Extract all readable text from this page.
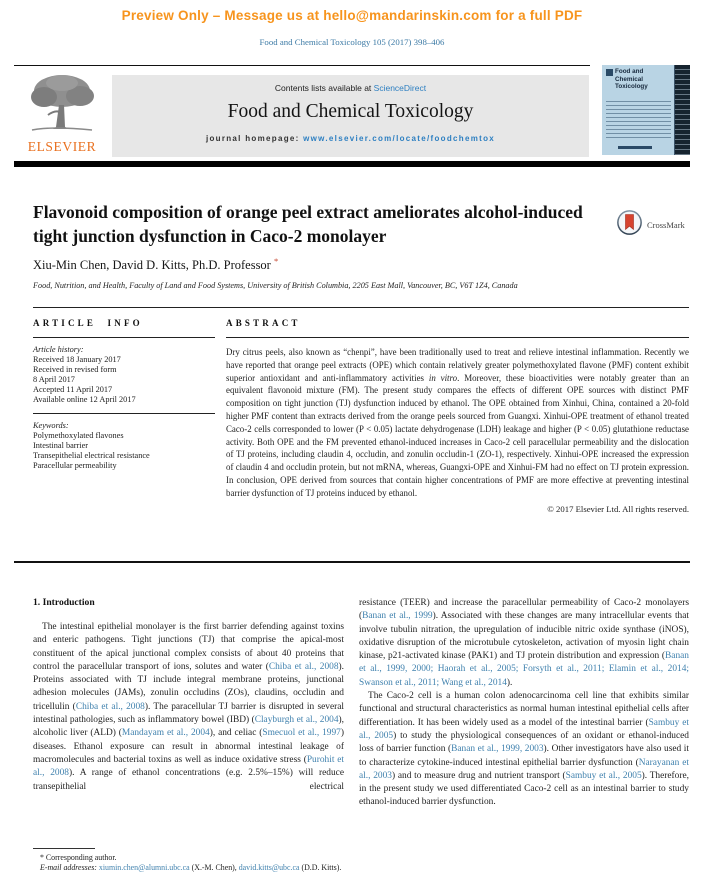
Preview Only – Message us at hello@mandarinskin.com for a full PDF
Food and Chemical Toxicology 105 (2017) 398–406
ELSEVIER
Contents lists available at ScienceDirect
Food and Chemical Toxicology
journal homepage: www.elsevier.com/locate/foodchemtox
Food and Chemical Toxicology
Flavonoid composition of orange peel extract ameliorates alcohol-induced tight junction dysfunction in Caco-2 monolayer
CrossMark
Xiu-Min Chen, David D. Kitts, Ph.D. Professor *
Food, Nutrition, and Health, Faculty of Land and Food Systems, University of British Columbia, 2205 East Mall, Vancouver, BC, V6T 1Z4, Canada
ARTICLE INFO
Article history:
Received 18 January 2017
Received in revised form
8 April 2017
Accepted 11 April 2017
Available online 12 April 2017
Keywords:
Polymethoxylated flavones
Intestinal barrier
Transepithelial electrical resistance
Paracellular permeability
ABSTRACT

Dry citrus peels, also known as “chenpi”, have been traditionally used to treat and relieve intestinal inflammation. Recently we have reported that orange peel extracts (OPE) which contain relatively greater polymethoxylated flavone (PMF) content exhibit superior antioxidant and anti-inflammatory activities in vitro. Moreover, these bioactivities were notably greater than an equivalent flavonoid mixture (FM). The present study compares the effects of different OPE sources with distinct PMF composition on tight junction (TJ) dysfunction induced by ethanol. The OPE obtained from Xinhui, China, contained a 20-fold higher PMF content than extracts derived from the orange peels sourced from Guangxi. Xinhui-OPE treatment of ethanol treated Caco-2 cells corresponded to lower (P < 0.05) lactate dehydrogenase (LDH) leakage and higher (P < 0.05) glutathione reductase activity. Both OPE and the FM prevented ethanol-induced increases in Caco-2 cell paracellular permeability and the dislocation of TJ proteins, including claudin 4, occludin, and zonulin occludin-1 (ZO-1), respectively. Xinhui-OPE increased the expression of claudin 4 and occludin protein, but not mRNA, whereas, Guangxi-OPE and Xinhui-FM had no effect on TJ protein expression. In conclusion, OPE derived from sources that contain higher concentrations of PMF are more effective at preventing intestinal barrier dysfunction of TJ proteins induced by ethanol.

© 2017 Elsevier Ltd. All rights reserved.
1. Introduction

The intestinal epithelial monolayer is the first barrier defending against toxins and enteric pathogens. Tight junctions (TJ) that comprise the apical-most constituent of the apical junctional complex consists of about 40 proteins that control the paracellular transport of ions, solutes and water (Chiba et al., 2008). Proteins associated with TJ include integral membrane proteins, junctional adhesion molecules (JAMs), zonulin occludins (ZOs), claudins, occludin and tricellulin (Chiba et al., 2008). The paracellular TJ barrier is disrupted in several intestinal pathologies, such as inflammatory bowel (IBD) (Clayburgh et al., 2004), alcoholic liver (ALD) (Mandayam et al., 2004), and celiac (Smecuol et al., 1997) diseases. Ethanol exposure can result in abnormal intestinal leakage of macromolecules and bacterial toxins as well as induce oxidative stress (Purohit et al., 2008). A range of ethanol concentrations (e.g. 2.5%–15%) will reduce transepithelial electrical

resistance (TEER) and increase the paracellular permeability of Caco-2 monolayers (Banan et al., 1999). Associated with these changes are many intracellular events that involve tubulin nitration, the upregulation of inducible nitric oxide synthase (iNOS), oxidative disruption of the microtubule cytoskeleton, activation of myosin light chain kinase, p21-activated kinase (PAK1) and TJ protein distribution and expression (Banan et al., 1999, 2000; Haorah et al., 2005; Forsyth et al., 2011; Elamin et al., 2014; Swanson et al., 2011; Wang et al., 2014).

The Caco-2 cell is a human colon adenocarcinoma cell line that exhibits similar functional and structural characteristics as normal human intestinal epithelial cells after differentiation. It has been widely used as a model of the intestinal barrier (Sambuy et al., 2005) to study the physiological consequences of an oxidant or ethanol-induced loss of barrier function (Banan et al., 1999, 2003). Other investigators have also used it to characterize cytokine-induced intestinal epithelial barrier dysfunction (Narayanan et al., 2003) and to measure drug and nutrient transport (Sambuy et al., 2005). Therefore, in the present study we used differentiated Caco-2 cell as an intestinal barrier to study ethanol-induced barrier dysfunction.

* Corresponding author.

E-mail addresses: xiumin.chen@alumni.ubc.ca (X.-M. Chen), david.kitts@ubc.ca (D.D. Kitts).
